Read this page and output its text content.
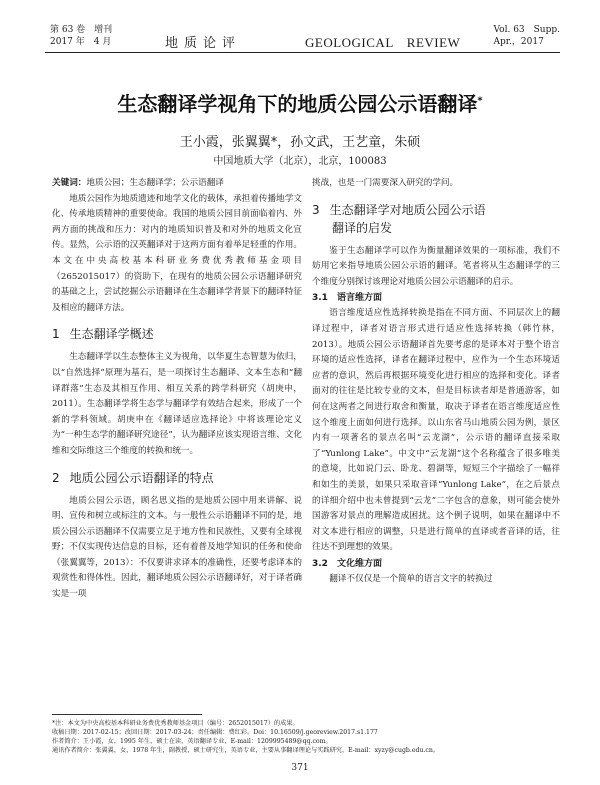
第 63 卷　增刊
2017 年　4 月	地质论评	GEOLOGICAL　REVIEW
Vol. 63　Supp.
Apr.，2017
生态翻译学视角下的地质公园公示语翻译*
王小霞，张翼翼*，孙文武，王艺童，朱硕
中国地质大学（北京），北京，100083

关键词：地质公园；生态翻译学；公示语翻译

地质公园作为地质遗迹和地学文化的载体，承担着传播地学文化、传承地质精神的重要使命。我国的地质公园目前面临着内、外两方面的挑战和压力：对内的地质知识普及和对外的地质文化宣传。显然，公示语的汉英翻译对于这两方面有着举足轻重的作用。本文在中央高校基本科研业务费优秀教师基金项目（2652015017）的资助下，在现有的地质公园公示语翻译研究的基础之上，尝试挖掘公示语翻译在生态翻译学背景下的翻译特征及相应的翻译方法。

1 生态翻译学概述

生态翻译学以生态整体主义为视角，以华夏生态智慧为依归，以“自然选择”原理为基石，是一项探讨生态翻译、文本生态和“翻译群落”生态及其相互作用、相互关系的跨学科研究（胡庚申，2011）。生态翻译学将生态学与翻译学有效结合起来，形成了一个新的学科领域。胡庚申在《翻译适应选择论》中将该理论定义为“一种生态学的翻译研究途径”，认为翻译应该实现语言维、文化维和交际维这三个维度的转换和统一。

2 地质公园公示语翻译的特点

地质公园公示语，顾名思义指的是地质公园中用来讲解、说明、宣传和树立或标注的文本。与一般性公示语翻译不同的是，地质公园公示语翻译不仅需要立足于地方性和民族性，又要有全球视野；不仅实现传达信息的目标，还有着普及地学知识的任务和使命（张翼翼等，2013）：不仅要讲求译本的准确性，还要考虑译本的观赏性和得体性。因此，翻译地质公园公示语翻译好，对于译者确实是一项

挑战，也是一门需要深入研究的学问。

3 生态翻译学对地质公园公示语
翻译的启发

鉴于生态翻译学可以作为衡量翻译效果的一项标准，我们不妨用它来指导地质公园公示语的翻译。笔者将从生态翻译学的三个维度分别探讨该理论对地质公园公示语翻译的启示。

3.1　 语言维方面

语言维度适应性选择转换是指在不同方面、不同层次上的翻译过程中，译者对语言形式进行适应性选择转换（韩竹林，2013）。地质公园公示语翻译首先要考虑的是译本对于整个语言环境的适应性选择，译者在翻译过程中，应作为一个生态环境适应者的意识，然后再根据环境变化进行相应的选择和变化。译者面对的往往是比较专业的文本，但是目标读者却是普通游客，如何在这两者之间进行取舍和衡量，取决于译者在语言维度适应性这个维度上面如何进行选择。以山东省马山地质公园为例，景区内有一项著名的景点名叫“云龙湖”，公示语的翻译直接采取了“Yunlong Lake”。中文中“云龙湖”这个名称蕴含了很多唯美的意境，比如说门云、卧龙、碧湖等，短短三个字描绘了一幅祥和如生的美景，如果只采取音译“Yunlong Lake”，在之后景点的详细介绍中也未曾提到“云龙”二字包含的意象，则可能会使外国游客对景点的理解造成困扰。这个例子说明，如果在翻译中不对文本进行相应的调整，只是进行简单的直译或者音译的话，往往达不到理想的效果。

3.2　 文化维方面

翻译不仅仅是一个简单的语言文字的转换过

*注：本文为中央高校基本科研业务费优秀教师基金项目（编号：2652015017）的成果。
收稿日期：2017-02-15；改回日期：2017-03-24；责任编辑：费红彩。Doi：10.16509/j.georeview.2017.s1.177
作者简介：王小霞，女，1995 年生，硕士在读，英语翻译专业，E-mail：1209995489@qq.com。
通讯作者简介：张翼翼，女，1978 年生，副教授，硕士研究生，英语专业，主要从事翻译理论与实践研究，E-mail：xyzy@cugb.edu.cn。
371
